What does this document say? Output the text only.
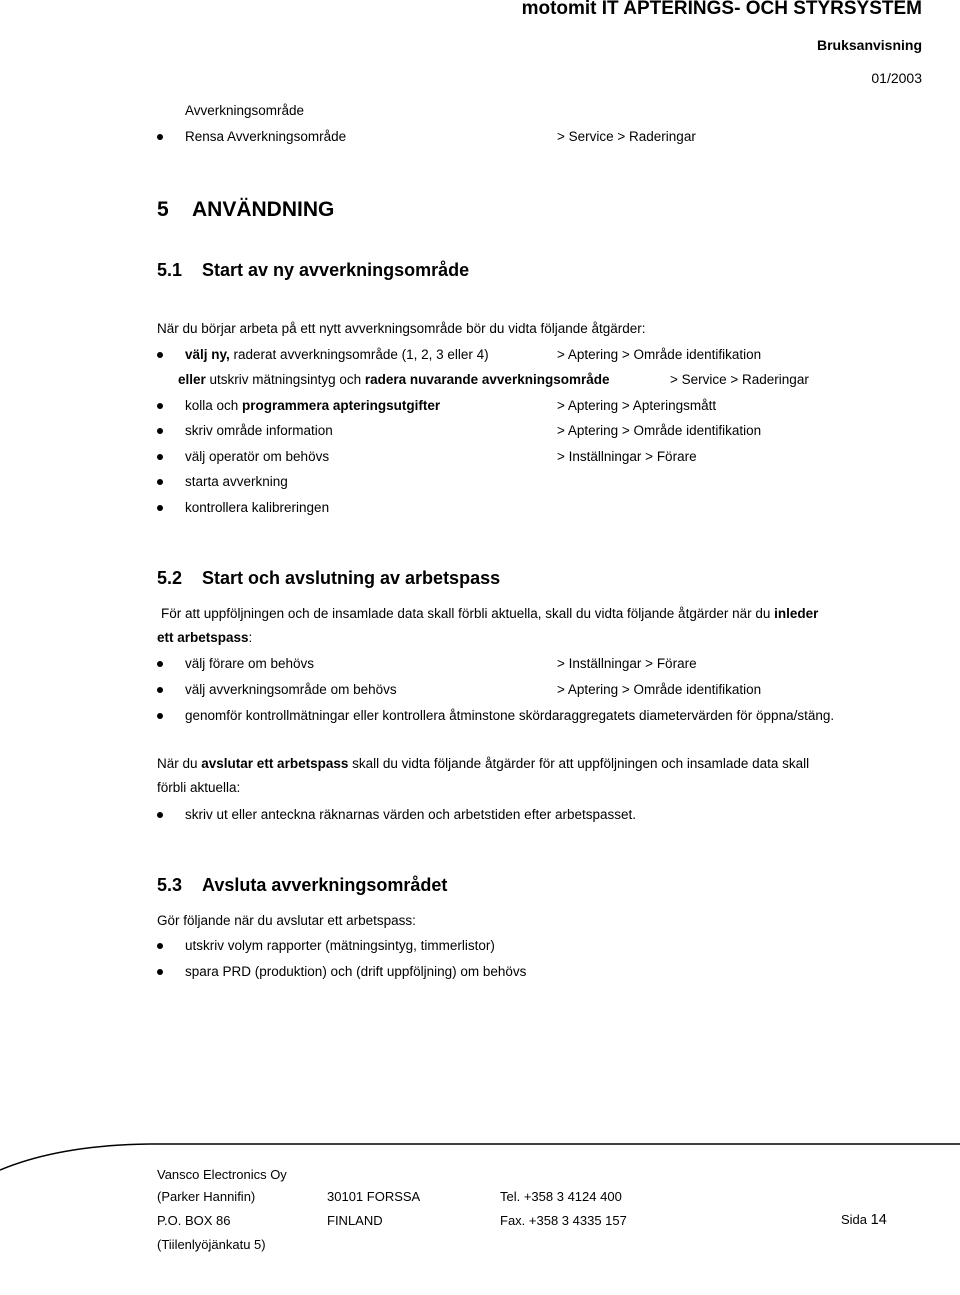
motomit IT APTERINGS- OCH STYRSYSTEM
Bruksanvisning
01/2003
Avverkningsområde
Rensa Avverkningsområde	> Service > Raderingar
5 ANVÄNDNING
5.1 Start av ny avverkningsområde
När du börjar arbeta på ett nytt avverkningsområde bör du vidta följande åtgärder:
välj ny, raderat avverkningsområde (1, 2, 3 eller 4)	> Aptering > Område identifikation
eller utskriv mätningsintyg och radera nuvarande avverkningsområde	> Service > Raderingar
kolla och programmera apteringsutgifter	> Aptering > Apteringsmått
skriv område information	> Aptering > Område identifikation
välj operatör om behövs	> Inställningar > Förare
starta avverkning
kontrollera kalibreringen
5.2 Start och avslutning av arbetspass
För att uppföljningen och de insamlade data skall förbli aktuella, skall du vidta följande åtgärder när du inleder
ett arbetspass:
välj förare om behövs	> Inställningar > Förare
välj avverkningsområde om behövs	> Aptering > Område identifikation
genomför kontrollmätningar eller kontrollera åtminstone skördaraggregatets diametervärden för öppna/stäng.
När du avslutar ett arbetspass skall du vidta följande åtgärder för att uppföljningen och insamlade data skall
förbli aktuella:
skriv ut eller anteckna räknarnas värden och arbetstiden efter arbetspasset.
5.3 Avsluta avverkningsområdet
Gör följande när du avslutar ett arbetspass:
utskriv volym rapporter (mätningsintyg, timmerlistor)
spara PRD (produktion) och (drift uppföljning) om behövs
Vansco Electronics Oy
(Parker Hannifin)	30101 FORSSA	Tel. +358 3 4124 400
P.O. BOX 86	FINLAND	Fax. +358 3 4335 157	Sida 14
(Tiilenlyöjänkatu 5)
